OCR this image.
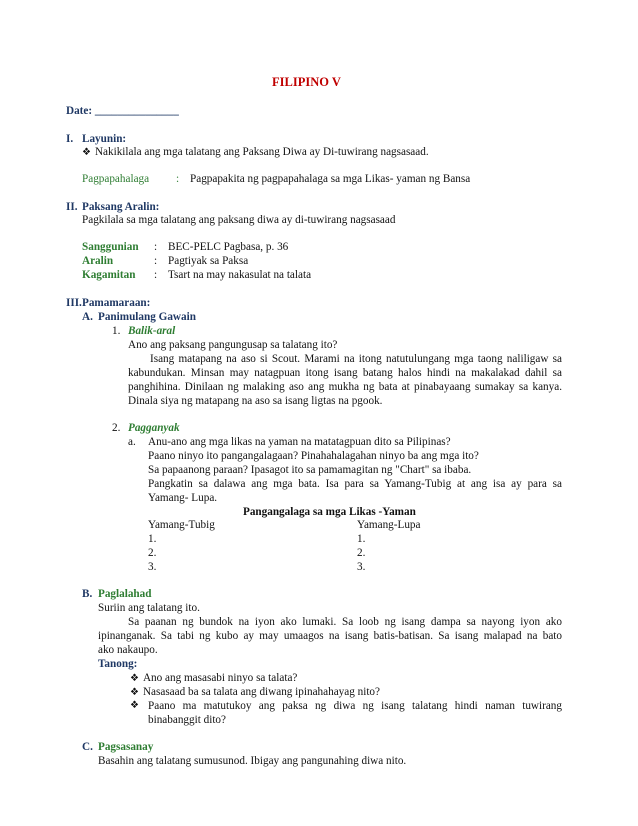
FILIPINO V
Date: _______________
I. Layunin:
❖ Nakikilala ang mga talatang ang Paksang Diwa ay Di-tuwirang nagsasaad.
Pagpapahalaga : Pagpapakita ng pagpapahalaga sa mga Likas- yaman ng Bansa
II. Paksang Aralin:
Pagkilala sa mga talatang ang paksang diwa ay di-tuwirang nagsasaad
Sanggunian : BEC-PELC Pagbasa, p. 36
Aralin	: Pagtiyak sa Paksa
Kagamitan : Tsart na may nakasulat na talata
III. Pamamaraan:
A. Panimulang Gawain
1. Balik-aral
Ano ang paksang pangungusap sa talatang ito?
Isang matapang na aso si Scout. Marami na itong natutulungang mga taong naliligaw sa
kabundukan. Minsan may natagpuan itong isang batang halos hindi na makalakad dahil sa
panghihina. Dinilaan ng malaking aso ang mukha ng bata at pinabayaang sumakay sa kanya.
Dinala siya ng matapang na aso sa isang ligtas na pgook.
2. Pagganyak
a. Anu-ano ang mga likas na yaman na matatagpuan dito sa Pilipinas?
Paano ninyo ito pangangalagaan? Pinahahalagahan ninyo ba ang mga ito?
Sa papaanong paraan? Ipasagot ito sa pamamagitan ng "Chart" sa ibaba.
Pangkatin sa dalawa ang mga bata. Isa para sa Yamang-Tubig at ang isa ay para sa
Yamang- Lupa.
Pangangalaga sa mga Likas -Yaman
Yamang-Tubig	Yamang-Lupa
1.
2.
3.
1.
2.
3.
B. Paglalahad
Suriin ang talatang ito.
Sa paanan ng bundok na iyon ako lumaki. Sa loob ng isang dampa sa nayong iyon ako
ipinanganak. Sa tabi ng kubo ay may umaagos na isang batis-batisan. Sa isang malapad na bato
ako nakaupo.
Tanong:
❖ Ano ang masasabi ninyo sa talata?
❖ Nasasaad ba sa talata ang diwang ipinahahayag nito?
❖ Paano ma matutukoy ang paksa ng diwa ng isang talatang hindi naman tuwirang
binabanggit dito?
C. Pagsasanay
Basahin ang talatang sumusunod. Ibigay ang pangunahing diwa nito.
